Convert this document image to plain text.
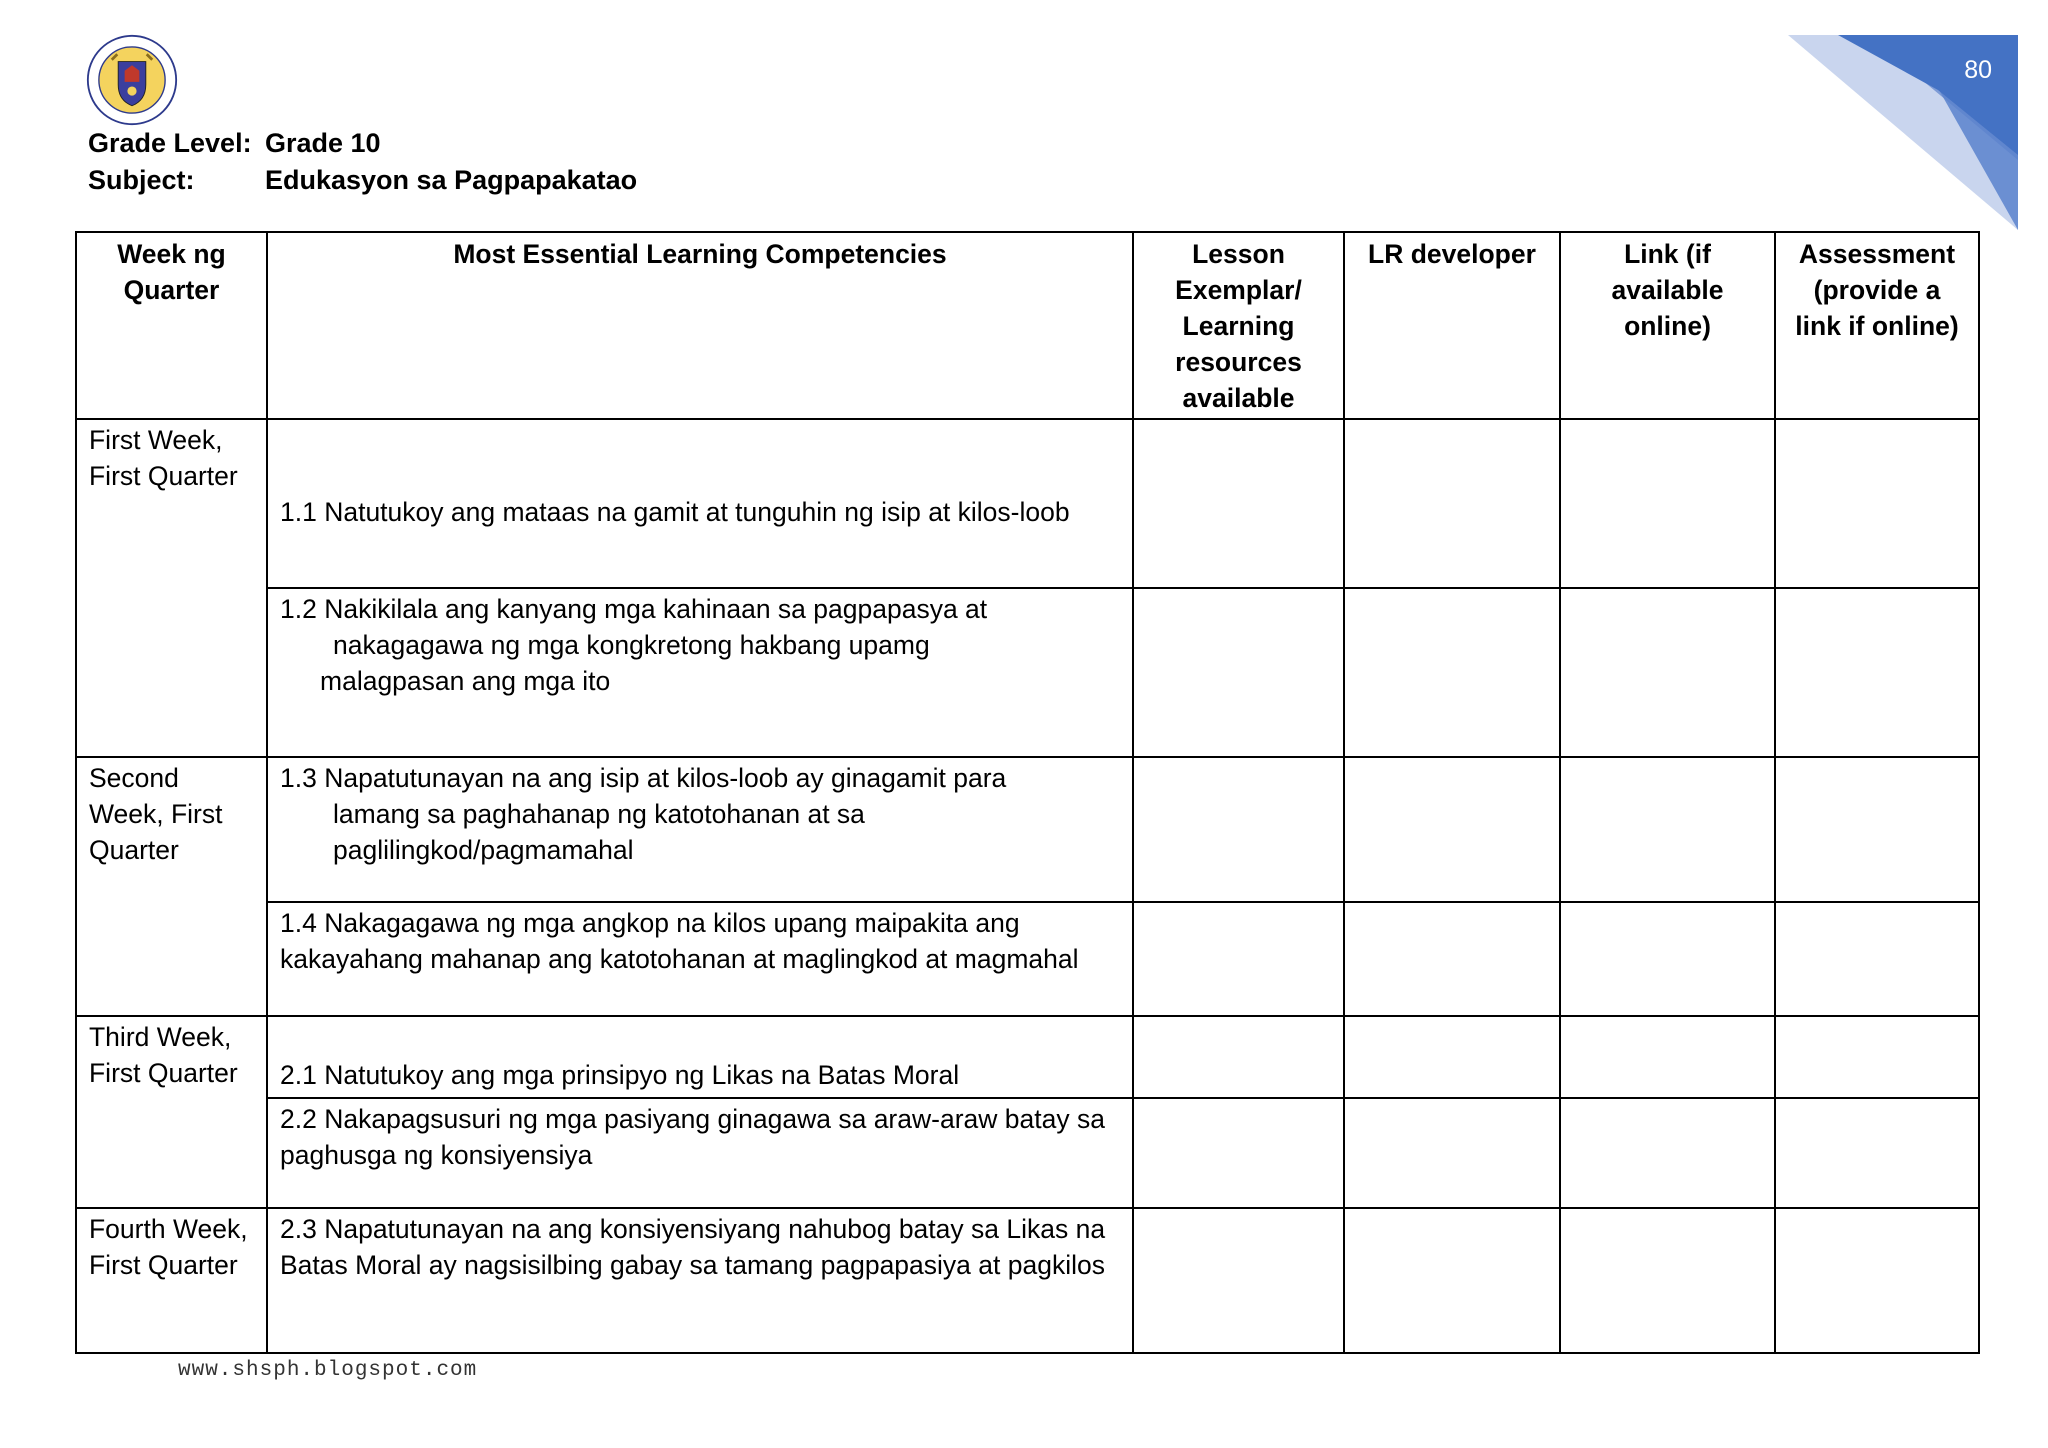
80
Grade Level: Grade 10
Subject:	Edukasyon sa Pagpapakatao
Week ng Quarter	Most Essential Learning Competencies	Lesson Exemplar/ Learning resources available	LR developer	Link (if available online)	Assessment (provide a link if online)
First Week, First Quarter	1.1 Natutukoy ang mataas na gamit at tunguhin ng isip at kilos-loob				

	1.2 Nakikilala ang kanyang mga kahinaan sa pagpapasya at
nakagagawa ng mga kongkretong hakbang upamg
malagpasan ang mga ito				

Second Week, First Quarter	1.3 Napatutunayan na ang isip at kilos-loob ay ginagamit para
lamang sa paghahanap ng katotohanan at sa
paglilingkod/pagmamahal				

	1.4 Nakagagawa ng mga angkop na kilos upang maipakita ang kakayahang mahanap ang katotohanan at maglingkod at magmahal				
Third Week, First Quarter	2.1 Natutukoy ang mga prinsipyo ng Likas na Batas Moral				
	2.2 Nakapagsusuri ng mga pasiyang ginagawa sa araw-araw batay sa paghusga ng konsiyensiya				
Fourth Week, First Quarter	2.3 Napatutunayan na ang konsiyensiyang nahubog batay sa Likas na Batas Moral ay nagsisilbing gabay sa tamang pagpapasiya at pagkilos				
www.shsph.blogspot.com
